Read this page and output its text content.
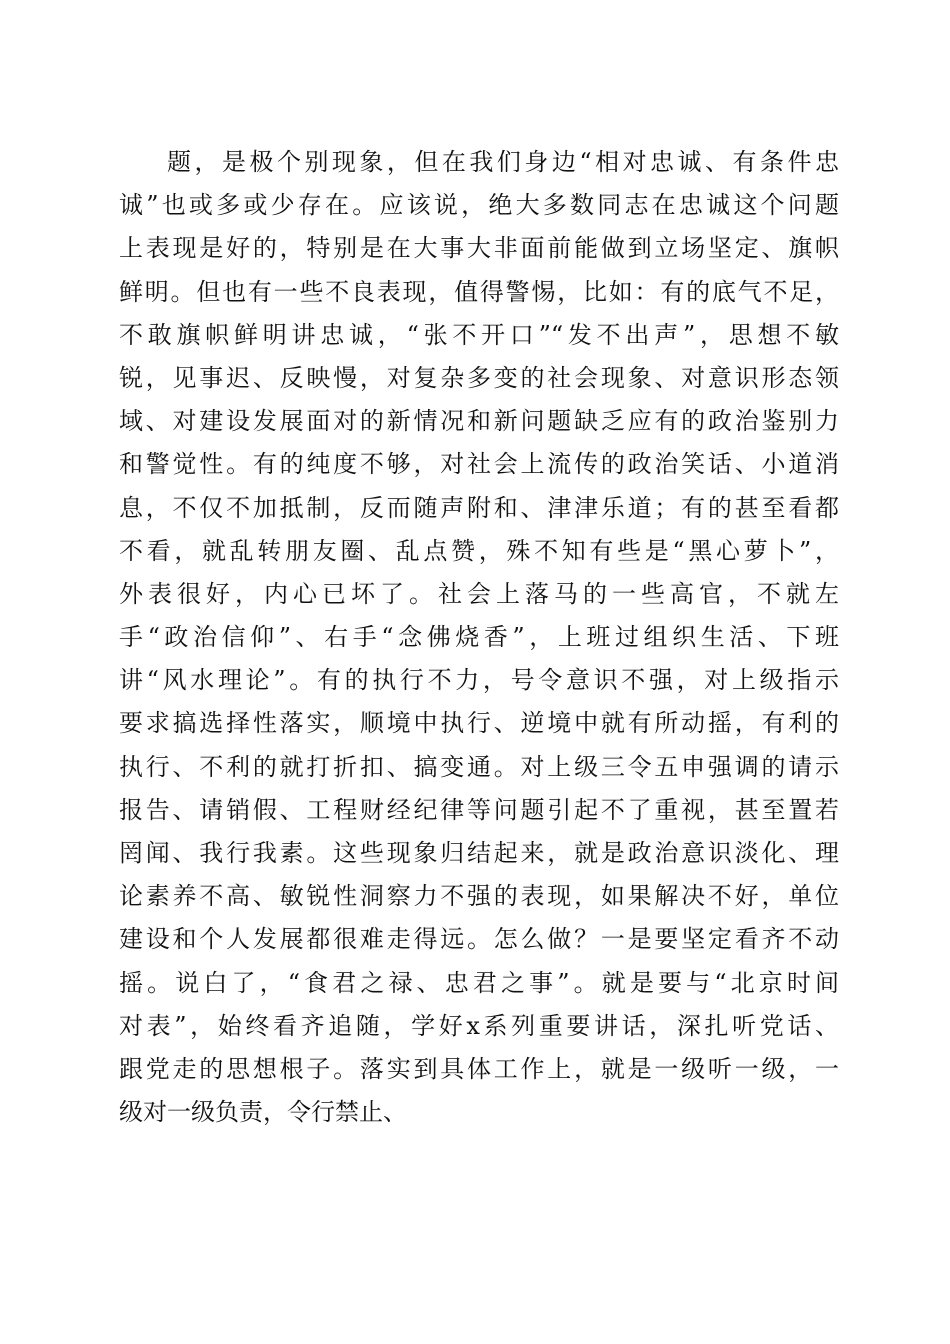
题，是极个别现象，但在我们身边“相对忠诚、有条件忠
诚”也或多或少存在。应该说，绝大多数同志在忠诚这个问题
上表现是好的，特别是在大事大非面前能做到立场坚定、旗帜
鲜明。但也有一些不良表现，值得警惕，比如：有的底气不足，
不敢旗帜鲜明讲忠诚，“张不开口”“发不出声”，思想不敏
锐，见事迟、反映慢，对复杂多变的社会现象、对意识形态领
域、对建设发展面对的新情况和新问题缺乏应有的政治鉴别力
和警觉性。有的纯度不够，对社会上流传的政治笑话、小道消
息，不仅不加抵制，反而随声附和、津津乐道；有的甚至看都
不看，就乱转朋友圈、乱点赞，殊不知有些是“黑心萝卜”，
外表很好，内心已坏了。社会上落马的一些高官，不就左
手“政治信仰”、右手“念佛烧香”，上班过组织生活、下班
讲“风水理论”。有的执行不力，号令意识不强，对上级指示
要求搞选择性落实，顺境中执行、逆境中就有所动摇，有利的
执行、不利的就打折扣、搞变通。对上级三令五申强调的请示
报告、请销假、工程财经纪律等问题引起不了重视，甚至置若
罔闻、我行我素。这些现象归结起来，就是政治意识淡化、理
论素养不高、敏锐性洞察力不强的表现，如果解决不好，单位
建设和个人发展都很难走得远。怎么做？一是要坚定看齐不动
摇。说白了，“食君之禄、忠君之事”。就是要与“北京时间
对表”，始终看齐追随，学好x系列重要讲话，深扎听党话、
跟党走的思想根子。落实到具体工作上，就是一级听一级，一
级对一级负责，令行禁止、
